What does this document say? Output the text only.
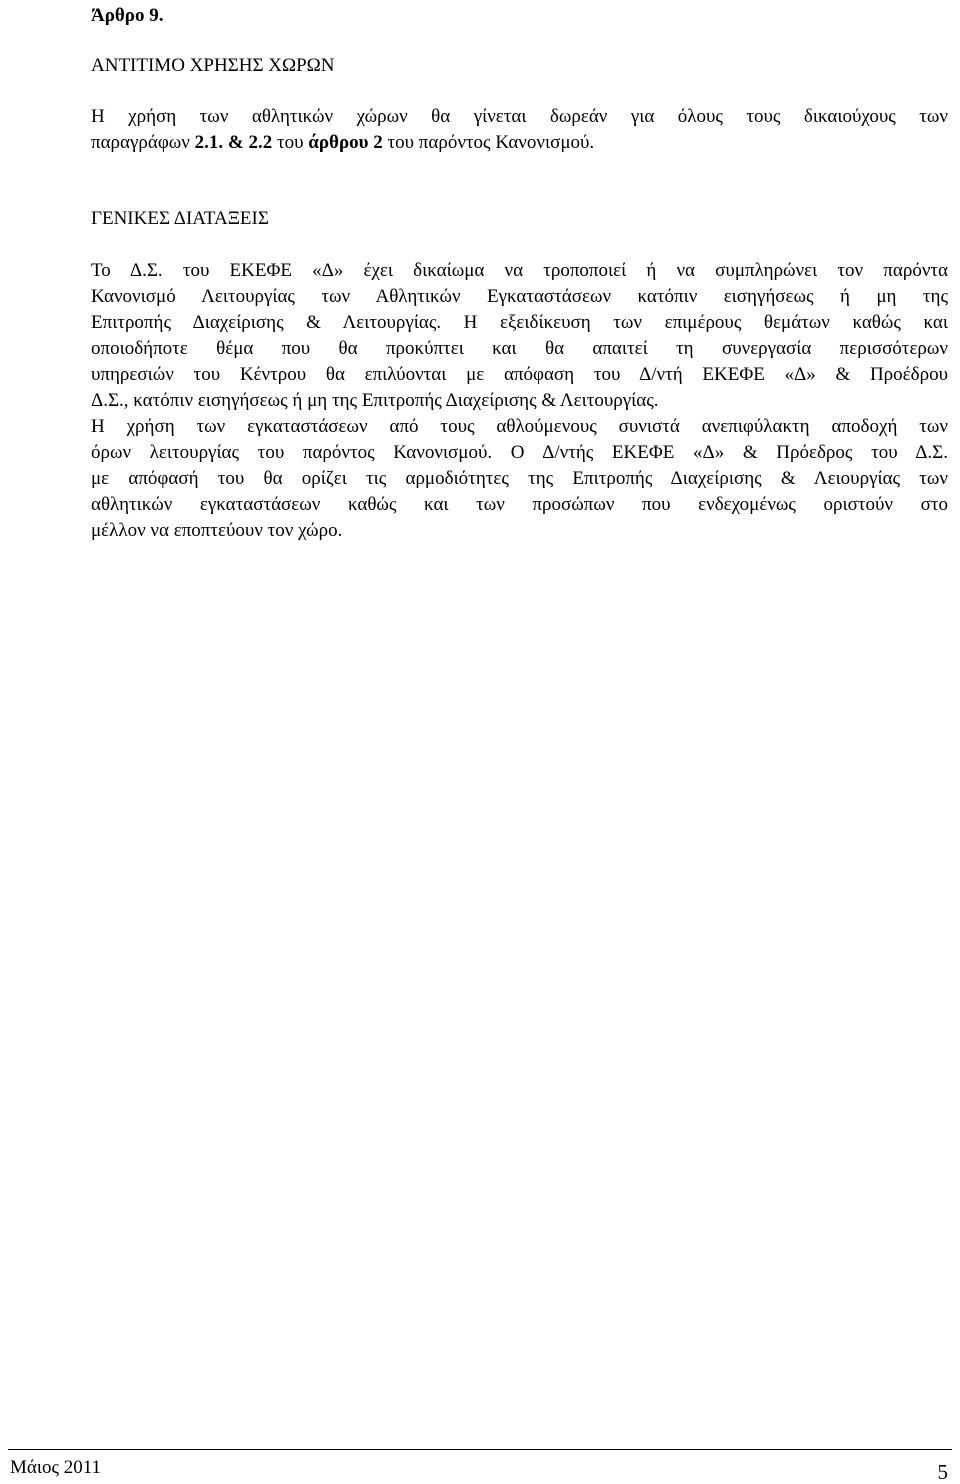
Άρθρο 9.
ΑΝΤΙΤΙΜΟ ΧΡΗΣΗΣ ΧΩΡΩΝ
Η χρήση των αθλητικών χώρων θα γίνεται δωρεάν για όλους τους δικαιούχους των
παραγράφων 2.1. & 2.2 του άρθρου 2 του παρόντος Κανονισμού.
ΓΕΝΙΚΕΣ ΔΙΑΤΑΞΕΙΣ
Το Δ.Σ. του ΕΚΕΦΕ «Δ» έχει δικαίωμα να τροποποιεί ή να συμπληρώνει τον παρόντα
Κανονισμό Λειτουργίας των Αθλητικών Εγκαταστάσεων κατόπιν εισηγήσεως ή μη της
Επιτροπής Διαχείρισης & Λειτουργίας. Η εξειδίκευση των επιμέρους θεμάτων καθώς και
οποιοδήποτε θέμα που θα προκύπτει και θα απαιτεί τη συνεργασία περισσότερων
υπηρεσιών του Κέντρου θα επιλύονται με απόφαση του Δ/ντή ΕΚΕΦΕ «Δ» & Προέδρου
Δ.Σ., κατόπιν εισηγήσεως ή μη της Επιτροπής Διαχείρισης & Λειτουργίας.
Η χρήση των εγκαταστάσεων από τους αθλούμενους συνιστά ανεπιφύλακτη αποδοχή των
όρων λειτουργίας του παρόντος Κανονισμού. Ο Δ/ντής ΕΚΕΦΕ «Δ» & Πρόεδρος του Δ.Σ.
με απόφασή του θα ορίζει τις αρμοδιότητες της Επιτροπής Διαχείρισης & Λειουργίας των
αθλητικών εγκαταστάσεων καθώς και των προσώπων που ενδεχομένως οριστούν στο
μέλλον να εποπτεύουν τον χώρο.
Μάιος 2011	5
